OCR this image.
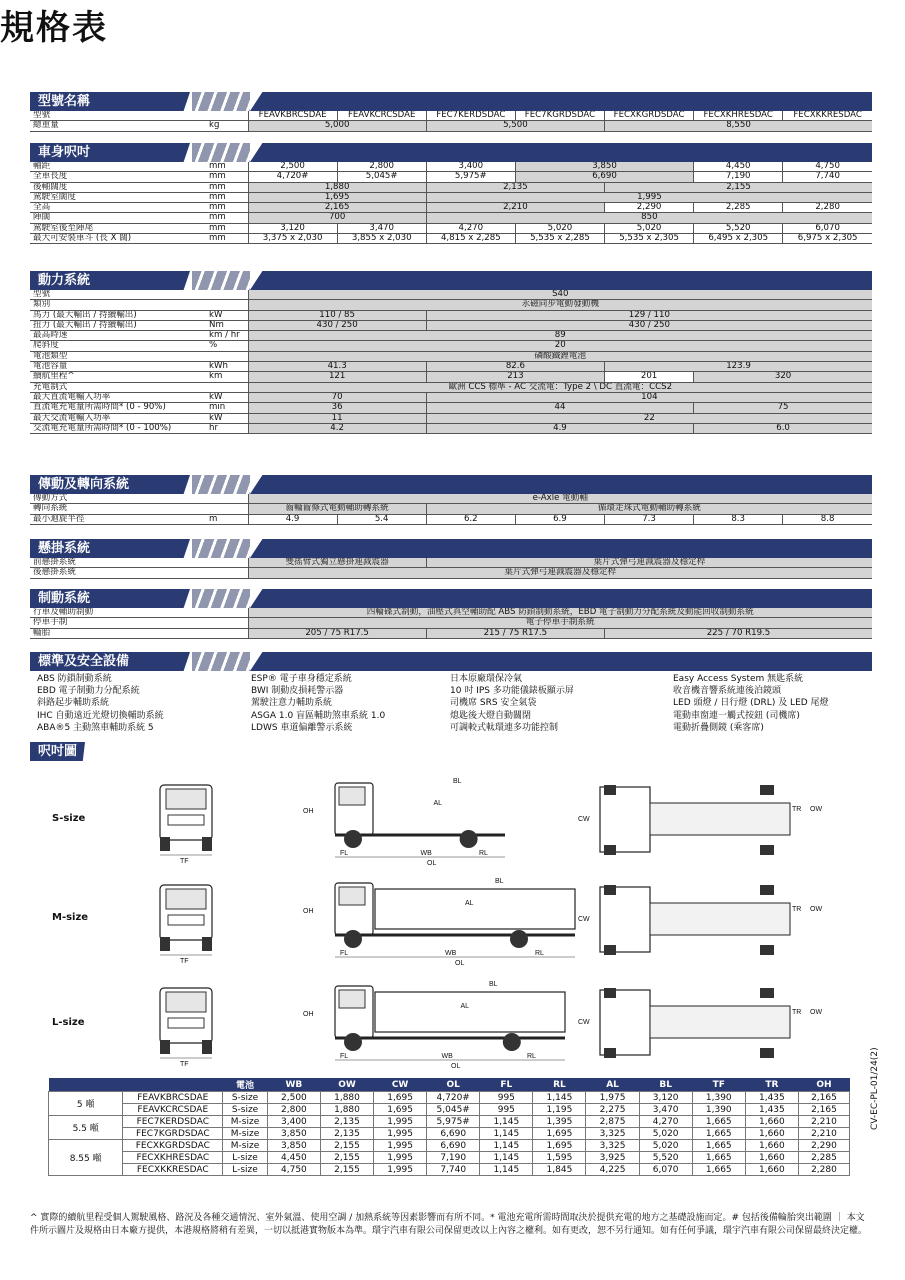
規格表
型號名稱
型號		FEAVKBRCSDAE	FEAVKCRCSDAE	FEC7KERDSDAC	FEC7KGRDSDAC	FECXKGRDSDAC	FECXKHRESDAC	FECXKKRESDAC
總重量	kg	5,000		5,500		8,550		
車身呎吋
軸距	mm	2,500	2,800	3,400	3,850		4,450	4,750
全車長度	mm	4,720#	5,045#	5,975#	6,690		7,190	7,740
後軸闊度	mm	1,880		2,135		2,155		
駕駛室闊度	mm	1,695		1,995				
全高	mm	2,165		2,210		2,290	2,285	2,280
陣闊	mm	700		850				
駕駛室後至陣尾	mm	3,120	3,470	4,270	5,020	5,020	5,520	6,070
最大可安裝車斗 (長 X 闊)	mm	3,375 x 2,030	3,855 x 2,030	4,815 x 2,285	5,535 x 2,285	5,535 x 2,305	6,495 x 2,305	6,975 x 2,305
動力系統
型號		S40			
類別		永磁同步電動發動機			
馬力 (最大輸出 / 持續輸出)	kW	110 / 85	129 / 110		
扭力 (最大輸出 / 持續輸出)	Nm	430 / 250	430 / 250		
最高時速	km / hr	89			
爬斜度	%	20			
電池類型		磷酸鐵鋰電池			
電池容量	kWh	41.3	82.6	123.9	
續航里程^	km	121	213	201	320
充電制式		歐洲 CCS 標準 - AC 交流電：Type 2 \ DC 直流電：CCS2			
最大直流電輸入功率	kW	70	104		
直流電充電量所需時間* (0 - 90%)	min	36	44		75
最大交流電輸入功率	kW	11	22		
交流電充電量所需時間* (0 - 100%)	hr	4.2	4.9		6.0
傳動及轉向系統
傳動方式		e-Axle 電動軸						
轉向系統		齒輪齒條式電動輔助轉系統		循環走珠式電動輔助轉系統				
最小迴旋半徑	m	4.9	5.4	6.2	6.9	7.3	8.3	8.8
懸掛系統
前懸掛系統		雙搖臂式獨立懸掛連減震器	葉片式彈弓連減震器及穩定桿
後懸掛系統		葉片式彈弓連減震器及穩定桿	
制動系統
行車及輔助制動		四輪碟式制動，油壓式真空輔助配 ABS 防鎖制動系統，EBD 電子制動力分配系統及動能回收制動系統		
停車手制		電子停車手制系統		
輪胎		205 / 75 R17.5	215 / 75 R17.5	225 / 70 R19.5
標準及安全設備
ABS 防鎖制動系統
EBD 電子制動力分配系統
斜路起步輔助系統
IHC 自動遠近光燈切換輔助系統
ABA®5 主動煞車輔助系統 5
ESP® 電子車身穩定系統
BWI 制動皮損耗警示器
駕駛注意力輔助系統
ASGA 1.0 盲區輔助煞車系統 1.0
LDWS 車道偏離警示系統
日本原廠環保冷氣
10 吋 IPS 多功能儀錶板顯示屏
司機席 SRS 安全氣袋
熄匙後大燈自動關閉
可調較式軚環連多功能控制
Easy Access System 無匙系統
收音機音響系統連後泊鏡頭
LED 頭燈 / 日行燈 (DRL) 及 LED 尾燈
電動車窗連一觸式按鈕 (司機席)
電動折疊側鏡 (乘客席)
呎吋圖
S-size
M-size
L-size
TF
OH
AL
BL
FL	WB	RL
OL
CW
TR OW
TF
OH
AL
BL
FL	WB	RL
OL
CW
TR OW
TF
OH
AL
BL
FL	WB	RL
OL
CW
TR OW
		電池	WB	OW	CW	OL	FL	RL	AL	BL	TF	TR	OH
5 噸	FEAVKBRCSDAE	S-size	2,500	1,880	1,695	4,720#	995	1,145	1,975	3,120	1,390	1,435	2,165
	FEAVKCRCSDAE	S-size	2,800	1,880	1,695	5,045#	995	1,195	2,275	3,470	1,390	1,435	2,165
5.5 噸	FEC7KERDSDAC	M-size	3,400	2,135	1,995	5,975#	1,145	1,395	2,875	4,270	1,665	1,660	2,210
	FEC7KGRDSDAC	M-size	3,850	2,135	1,995	6,690	1,145	1,695	3,325	5,020	1,665	1,660	2,210
8.55 噸	FECXKGRDSDAC	M-size	3,850	2,155	1,995	6,690	1,145	1,695	3,325	5,020	1,665	1,660	2,290
	FECXKHRESDAC	L-size	4,450	2,155	1,995	7,190	1,145	1,595	3,925	5,520	1,665	1,660	2,285
	FECXKKRESDAC	L-size	4,750	2,155	1,995	7,740	1,145	1,845	4,225	6,070	1,665	1,660	2,280
CV-EC-PL-01/24(2)
^ 實際的續航里程受個人駕駛風格、路況及各種交通情況、室外氣溫、使用空調 / 加熱系統等因素影響而有所不同。* 電池充電所需時間取決於提供充電的地方之基礎設施而定。# 包括後備輪胎突出範圍 ｜ 本文件所示圖片及規格由日本廠方提供，本港規格將稍有差異，一切以抵港實物版本為準。環宇汽車有限公司保留更改以上內容之權利。如有更改，恕不另行通知。如有任何爭議，環宇汽車有限公司保留最終決定權。
